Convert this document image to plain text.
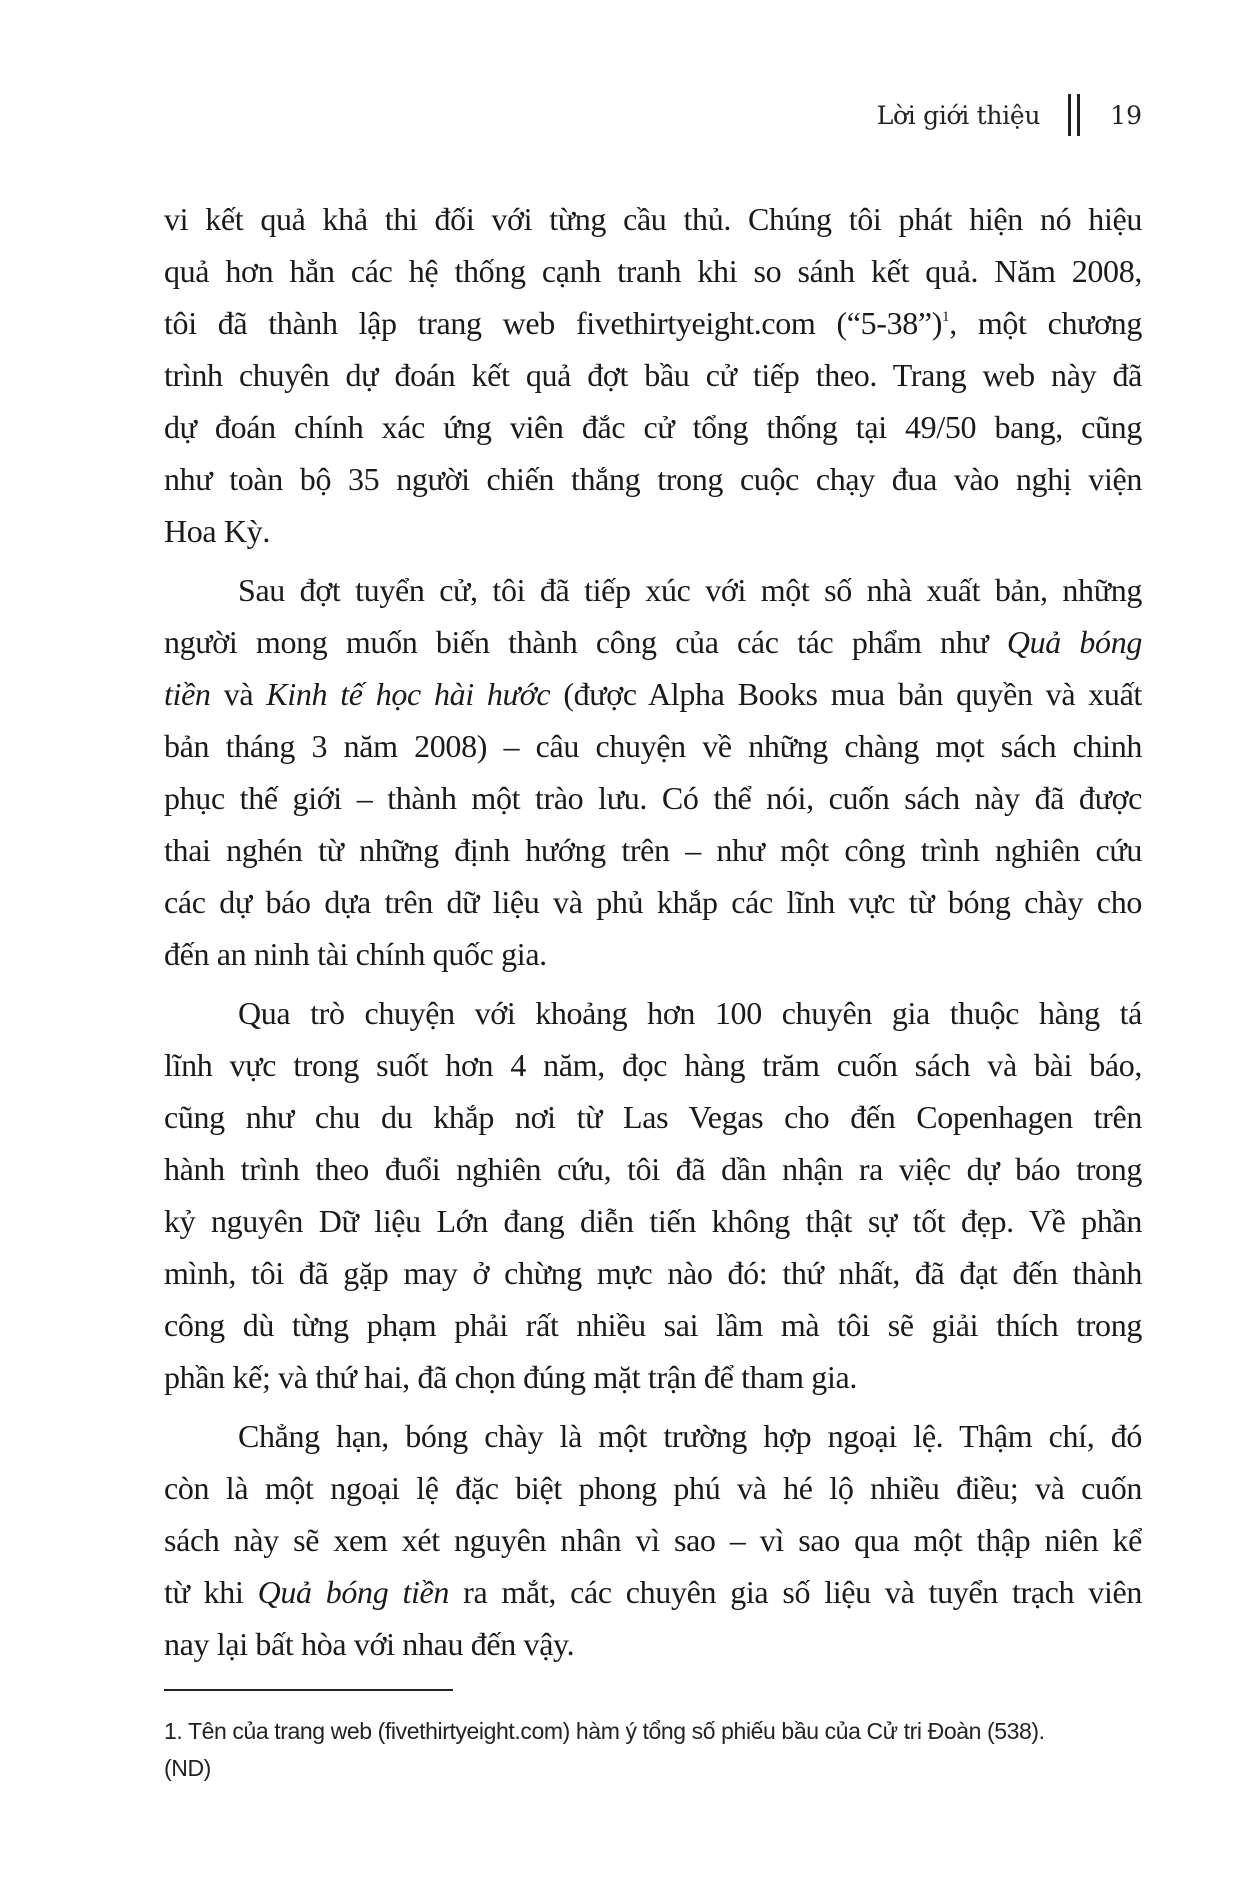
Lời giới thiệu	19
vi kết quả khả thi đối với từng cầu thủ. Chúng tôi phát hiện nó hiệu
quả hơn hẳn các hệ thống cạnh tranh khi so sánh kết quả. Năm 2008,
tôi đã thành lập trang web fivethirtyeight.com (“5-38”)$^1$, một chương
trình chuyên dự đoán kết quả đợt bầu cử tiếp theo. Trang web này đã
dự đoán chính xác ứng viên đắc cử tổng thống tại 49/50 bang, cũng
như toàn bộ 35 người chiến thắng trong cuộc chạy đua vào nghị viện
Hoa Kỳ.
Sau đợt tuyển cử, tôi đã tiếp xúc với một số nhà xuất bản, những
người mong muốn biến thành công của các tác phẩm như Quả bóng
tiền và Kinh tế học hài hước (được Alpha Books mua bản quyền và xuất
bản tháng 3 năm 2008) – câu chuyện về những chàng mọt sách chinh
phục thế giới – thành một trào lưu. Có thể nói, cuốn sách này đã được
thai nghén từ những định hướng trên – như một công trình nghiên cứu
các dự báo dựa trên dữ liệu và phủ khắp các lĩnh vực từ bóng chày cho
đến an ninh tài chính quốc gia.
Qua trò chuyện với khoảng hơn 100 chuyên gia thuộc hàng tá
lĩnh vực trong suốt hơn 4 năm, đọc hàng trăm cuốn sách và bài báo,
cũng như chu du khắp nơi từ Las Vegas cho đến Copenhagen trên
hành trình theo đuổi nghiên cứu, tôi đã dần nhận ra việc dự báo trong
kỷ nguyên Dữ liệu Lớn đang diễn tiến không thật sự tốt đẹp. Về phần
mình, tôi đã gặp may ở chừng mực nào đó: thứ nhất, đã đạt đến thành
công dù từng phạm phải rất nhiều sai lầm mà tôi sẽ giải thích trong
phần kế; và thứ hai, đã chọn đúng mặt trận để tham gia.
Chẳng hạn, bóng chày là một trường hợp ngoại lệ. Thậm chí, đó
còn là một ngoại lệ đặc biệt phong phú và hé lộ nhiều điều; và cuốn
sách này sẽ xem xét nguyên nhân vì sao – vì sao qua một thập niên kể
từ khi Quả bóng tiền ra mắt, các chuyên gia số liệu và tuyển trạch viên
nay lại bất hòa với nhau đến vậy.
1. Tên của trang web (fivethirtyeight.com) hàm ý tổng số phiếu bầu của Cử tri Đoàn (538).
(ND)
